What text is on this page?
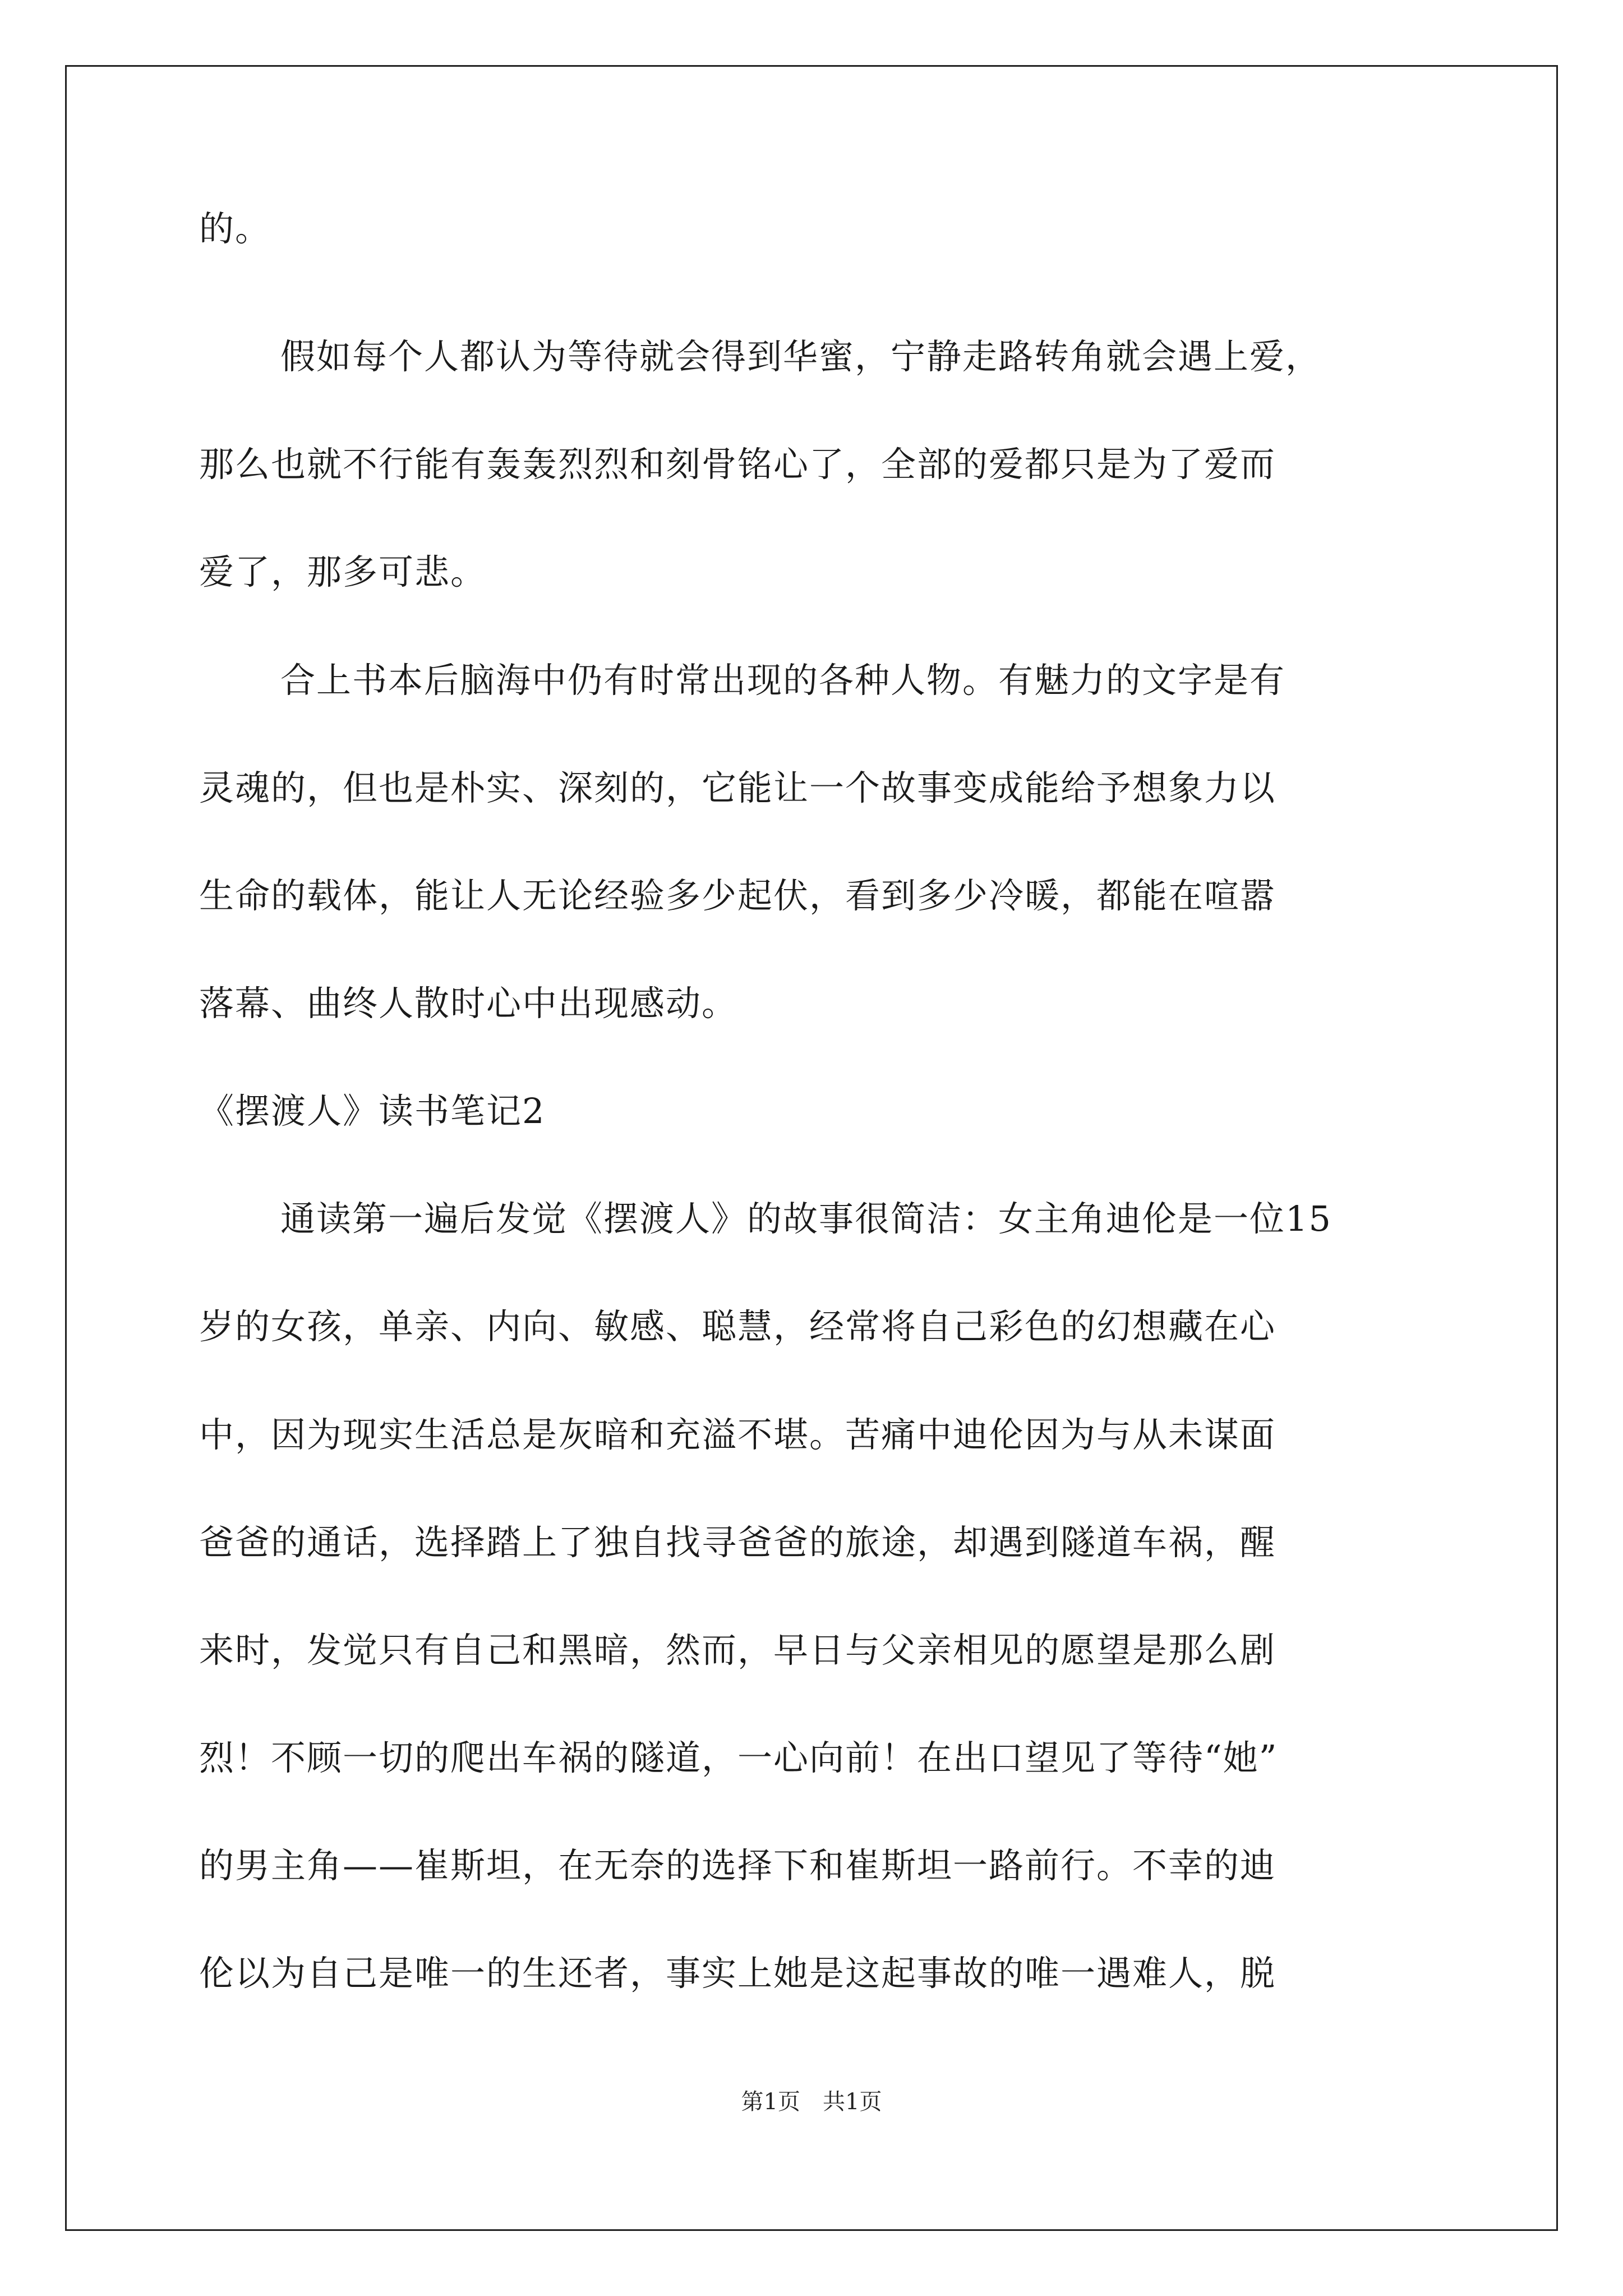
的。
假如每个人都认为等待就会得到华蜜，宁静走路转角就会遇上爱，
那么也就不行能有轰轰烈烈和刻骨铭心了，全部的爱都只是为了爱而
爱了，那多可悲。
合上书本后脑海中仍有时常出现的各种人物。有魅力的文字是有
灵魂的，但也是朴实、深刻的，它能让一个故事变成能给予想象力以
生命的载体，能让人无论经验多少起伏，看到多少冷暖，都能在喧嚣
落幕、曲终人散时心中出现感动。
《摆渡人》读书笔记2
通读第一遍后发觉《摆渡人》的故事很简洁：女主角迪伦是一位15
岁的女孩，单亲、内向、敏感、聪慧，经常将自己彩色的幻想藏在心
中，因为现实生活总是灰暗和充溢不堪。苦痛中迪伦因为与从未谋面
爸爸的通话，选择踏上了独自找寻爸爸的旅途，却遇到隧道车祸，醒
来时，发觉只有自己和黑暗，然而，早日与父亲相见的愿望是那么剧
烈！不顾一切的爬出车祸的隧道，一心向前！在出口望见了等待“她”
的男主角——崔斯坦，在无奈的选择下和崔斯坦一路前行。不幸的迪
伦以为自己是唯一的生还者，事实上她是这起事故的唯一遇难人，脱
第1页　共1页
